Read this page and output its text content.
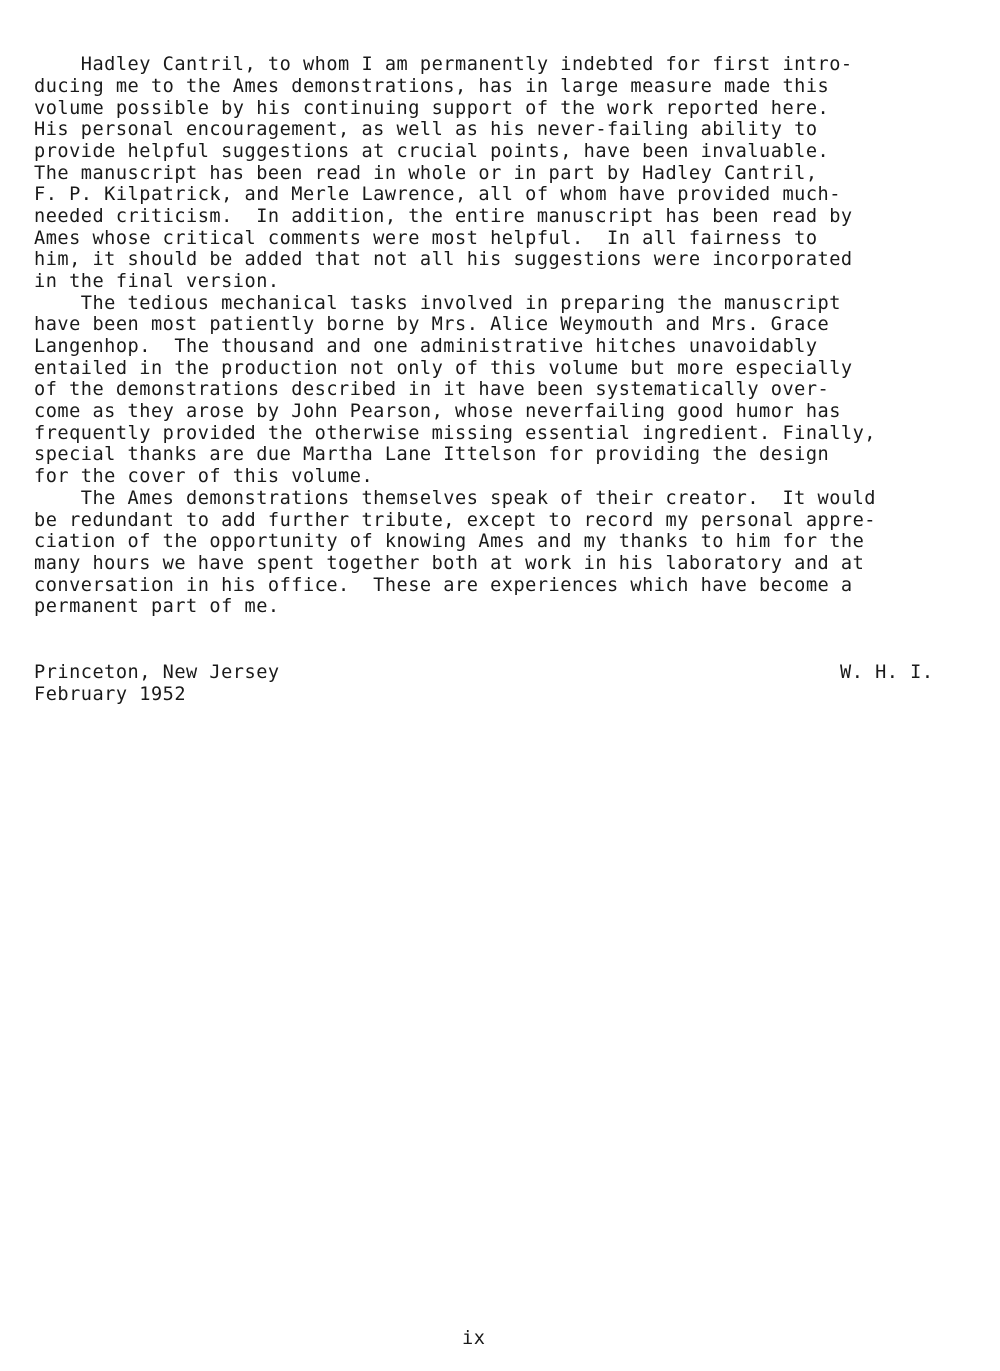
Hadley Cantril, to whom I am permanently indebted for first intro-
ducing me to the Ames demonstrations, has in large measure made this
volume possible by his continuing support of the work reported here.
His personal encouragement, as well as his never-failing ability to
provide helpful suggestions at crucial points, have been invaluable.
The manuscript has been read in whole or in part by Hadley Cantril,
F. P. Kilpatrick, and Merle Lawrence, all of whom have provided much-
needed criticism.  In addition, the entire manuscript has been read by
Ames whose critical comments were most helpful.  In all fairness to
him, it should be added that not all his suggestions were incorporated
in the final version.
The tedious mechanical tasks involved in preparing the manuscript
have been most patiently borne by Mrs. Alice Weymouth and Mrs. Grace
Langenhop.  The thousand and one administrative hitches unavoidably
entailed in the production not only of this volume but more especially
of the demonstrations described in it have been systematically over-
come as they arose by John Pearson, whose neverfailing good humor has
frequently provided the otherwise missing essential ingredient. Finally,
special thanks are due Martha Lane Ittelson for providing the design
for the cover of this volume.
The Ames demonstrations themselves speak of their creator.  It would
be redundant to add further tribute, except to record my personal appre-
ciation of the opportunity of knowing Ames and my thanks to him for the
many hours we have spent together both at work in his laboratory and at
conversation in his office.  These are experiences which have become a
permanent part of me.
Princeton, New Jersey
February 1952
W. H. I.
ix
